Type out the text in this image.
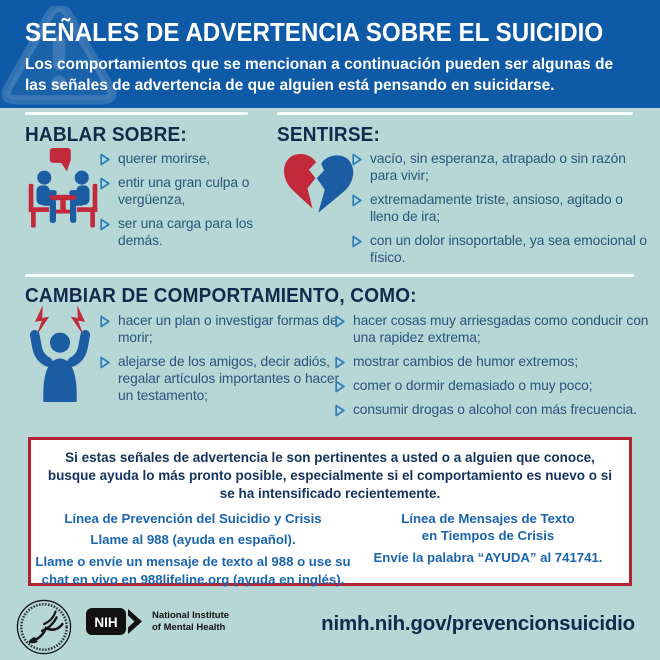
SEÑALES DE ADVERTENCIA SOBRE EL SUICIDIO

Los comportamientos que se mencionan a continuación pueden ser algunas de las señales de advertencia de que alguien está pensando en suicidarse.

HABLAR SOBRE:
querer morirse,
entir una gran culpa o vergüenza,
ser una carga para los demás.
SENTIRSE:
vacío, sin esperanza, atrapado o sin razón para vivir;
extremadamente triste, ansioso, agitado o lleno de ira;
con un dolor insoportable, ya sea emocional o físico.
CAMBIAR DE COMPORTAMIENTO, COMO:
hacer un plan o investigar formas de morir;
alejarse de los amigos, decir adiós, regalar artículos importantes o hacer un testamento;
hacer cosas muy arriesgadas como conducir con una rapidez extrema;
mostrar cambios de humor extremos;
comer o dormir demasiado o muy poco;
consumir drogas o alcohol con más frecuencia.

Si estas señales de advertencia le son pertinentes a usted o a alguien que conoce, busque ayuda lo más pronto posible, especialmente si el comportamiento es nuevo o si se ha intensificado recientemente.

Línea de Prevención del Suicidio y Crisis
Llame al 988 (ayuda en español).
Llame o envíe un mensaje de texto al 988 o use su chat en vivo en 988lifeline.org (ayuda en inglés).
Línea de Mensajes de Texto
en Tiempos de Crisis
Envíe la palabra “AYUDA” al 741741.
NIH	National Institute
of Mental Health	nimh.nih.gov/prevencionsuicidio
